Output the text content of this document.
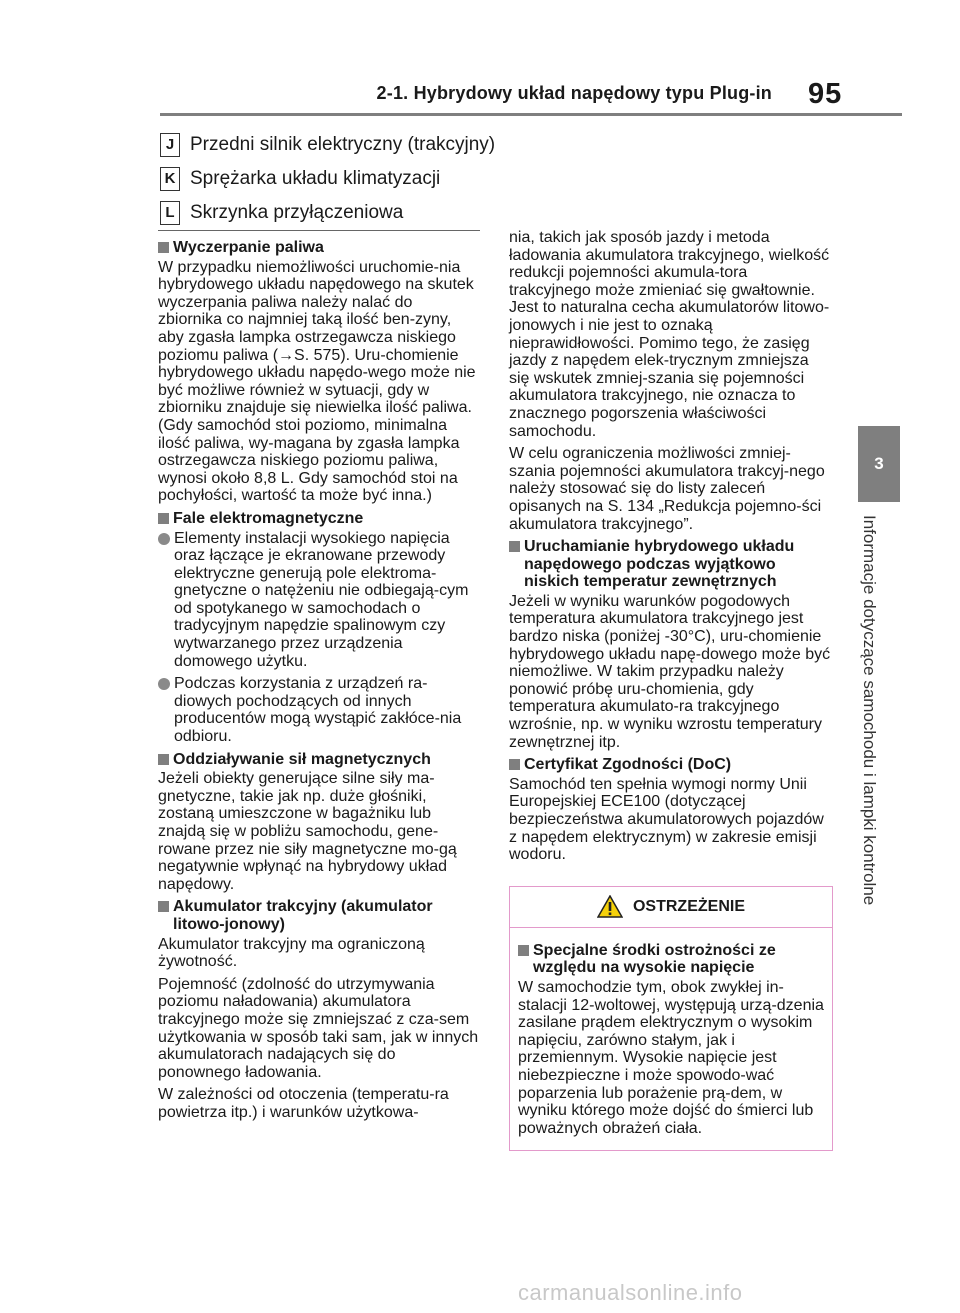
2-1. Hybrydowy układ napędowy typu Plug-in 95
3
Informacje dotyczące samochodu i lampki kontrolne
J Przedni silnik elektryczny (trakcyjny)
K Sprężarka układu klimatyzacji
L Skrzynka przyłączeniowa
Wyczerpanie paliwa
W przypadku niemożliwości uruchomie-nia hybrydowego układu napędowego na skutek wyczerpania paliwa należy nalać do zbiornika co najmniej taką ilość ben-zyny, aby zgasła lampka ostrzegawcza niskiego poziomu paliwa (→S. 575). Uru-chomienie hybrydowego układu napędo-wego może nie być możliwe również w sytuacji, gdy w zbiorniku znajduje się niewielka ilość paliwa. (Gdy samochód stoi poziomo, minimalna ilość paliwa, wy-magana by zgasła lampka ostrzegawcza niskiego poziomu paliwa, wynosi około 8,8 L. Gdy samochód stoi na pochyłości, wartość ta może być inna.)
Fale elektromagnetyczne
Elementy instalacji wysokiego napięcia oraz łączące je ekranowane przewody elektryczne generują pole elektroma-gnetyczne o natężeniu nie odbiegają-cym od spotykanego w samochodach o tradycyjnym napędzie spalinowym czy wytwarzanego przez urządzenia domowego użytku.
Podczas korzystania z urządzeń ra-diowych pochodzących od innych producentów mogą wystąpić zakłóce-nia odbioru.
Oddziaływanie sił magnetycznych
Jeżeli obiekty generujące silne siły ma-gnetyczne, takie jak np. duże głośniki, zostaną umieszczone w bagażniku lub znajdą się w pobliżu samochodu, gene-rowane przez nie siły magnetyczne mo-gą negatywnie wpłynąć na hybrydowy układ napędowy.
Akumulator trakcyjny (akumulator litowo-jonowy)
Akumulator trakcyjny ma ograniczoną żywotność.
Pojemność (zdolność do utrzymywania poziomu naładowania) akumulatora trakcyjnego może się zmniejszać z cza-sem użytkowania w sposób taki sam, jak w innych akumulatorach nadających się do ponownego ładowania.
W zależności od otoczenia (temperatu-ra powietrza itp.) i warunków użytkowa-
nia, takich jak sposób jazdy i metoda ładowania akumulatora trakcyjnego, wielkość redukcji pojemności akumula-tora trakcyjnego może zmieniać się gwałtownie. Jest to naturalna cecha akumulatorów litowo-jonowych i nie jest to oznaką nieprawidłowości. Pomimo tego, że zasięg jazdy z napędem elek-trycznym zmniejsza się wskutek zmniej-szania się pojemności akumulatora trakcyjnego, nie oznacza to znacznego pogorszenia właściwości samochodu.
W celu ograniczenia możliwości zmniej-szania pojemności akumulatora trakcyj-nego należy stosować się do listy zaleceń opisanych na S. 134 „Redukcja pojemno-ści akumulatora trakcyjnego”.
Uruchamianie hybrydowego układu napędowego podczas wyjątkowo niskich temperatur zewnętrznych
Jeżeli w wyniku warunków pogodowych temperatura akumulatora trakcyjnego jest bardzo niska (poniżej -30°C), uru-chomienie hybrydowego układu napę-dowego może być niemożliwe. W takim przypadku należy ponowić próbę uru-chomienia, gdy temperatura akumulato-ra trakcyjnego wzrośnie, np. w wyniku wzrostu temperatury zewnętrznej itp.
Certyfikat Zgodności (DoC)
Samochód ten spełnia wymogi normy Unii Europejskiej ECE100 (dotyczącej bezpieczeństwa akumulatorowych pojazdów z napędem elektrycznym) w zakresie emisji wodoru.
OSTRZEŻENIE
Specjalne środki ostrożności ze względu na wysokie napięcie
W samochodzie tym, obok zwykłej in-stalacji 12-woltowej, występują urzą-dzenia zasilane prądem elektrycznym o wysokim napięciu, zarówno stałym, jak i przemiennym. Wysokie napięcie jest niebezpieczne i może spowodo-wać poparzenia lub porażenie prą-dem, w wyniku którego może dojść do śmierci lub poważnych obrażeń ciała.
carmanualsonline.info
